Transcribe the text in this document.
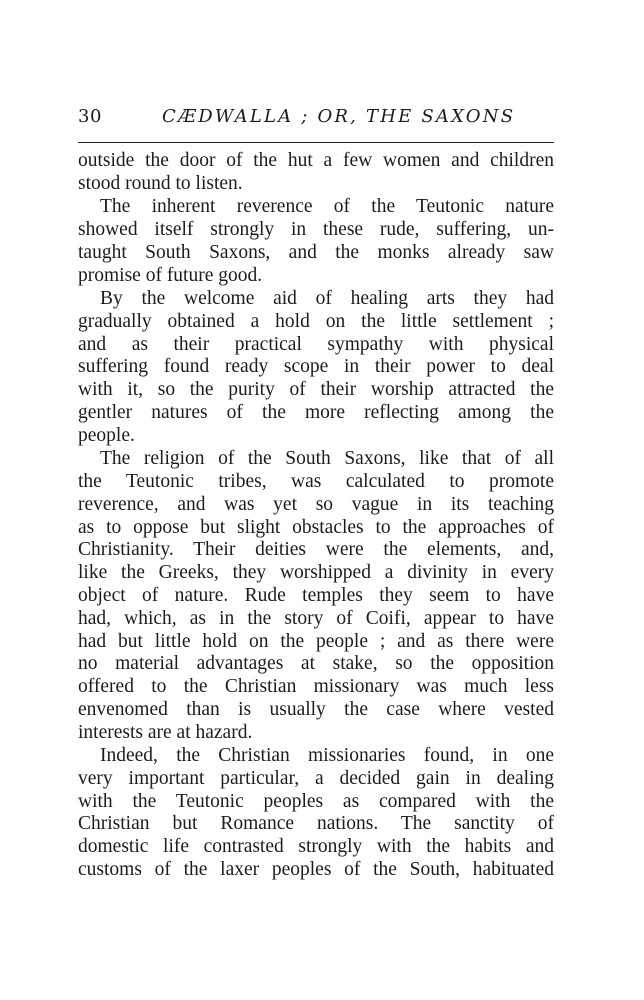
30	CÆDWALLA ; OR, THE SAXONS
outside the door of the hut a few women and children
stood round to listen.
The inherent reverence of the Teutonic nature
showed itself strongly in these rude, suffering, un-
taught South Saxons, and the monks already saw
promise of future good.
By the welcome aid of healing arts they had
gradually obtained a hold on the little settlement ;
and as their practical sympathy with physical
suffering found ready scope in their power to deal
with it, so the purity of their worship attracted the
gentler natures of the more reflecting among the
people.
The religion of the South Saxons, like that of all
the Teutonic tribes, was calculated to promote
reverence, and was yet so vague in its teaching
as to oppose but slight obstacles to the approaches of
Christianity. Their deities were the elements, and,
like the Greeks, they worshipped a divinity in every
object of nature. Rude temples they seem to have
had, which, as in the story of Coifi, appear to have
had but little hold on the people ; and as there were
no material advantages at stake, so the opposition
offered to the Christian missionary was much less
envenomed than is usually the case where vested
interests are at hazard.
Indeed, the Christian missionaries found, in one
very important particular, a decided gain in dealing
with the Teutonic peoples as compared with the
Christian but Romance nations. The sanctity of
domestic life contrasted strongly with the habits and
customs of the laxer peoples of the South, habituated
